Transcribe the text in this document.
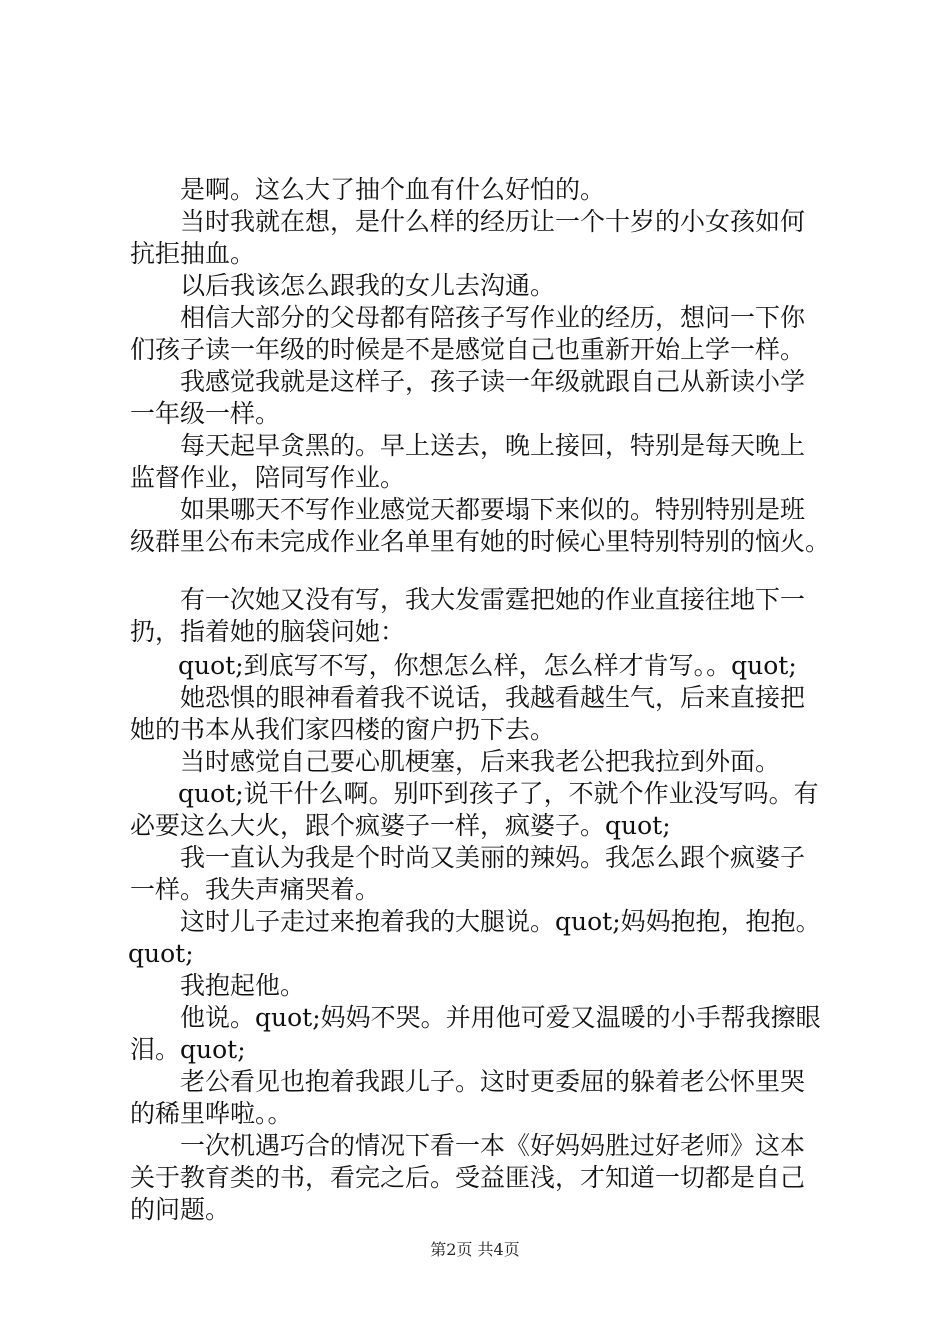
是啊。这么大了抽个血有什么好怕的。

当时我就在想，是什么样的经历让一个十岁的小女孩如何

抗拒抽血。

以后我该怎么跟我的女儿去沟通。

相信大部分的父母都有陪孩子写作业的经历，想问一下你

们孩子读一年级的时候是不是感觉自己也重新开始上学一样。

我感觉我就是这样子，孩子读一年级就跟自己从新读小学

一年级一样。

每天起早贪黑的。早上送去，晚上接回，特别是每天晚上

监督作业，陪同写作业。

如果哪天不写作业感觉天都要塌下来似的。特别特别是班

级群里公布未完成作业名单里有她的时候心里特别特别的恼火。

有一次她又没有写，我大发雷霆把她的作业直接往地下一

扔，指着她的脑袋问她：

quot;到底写不写，你想怎么样，怎么样才肯写。。quot;

她恐惧的眼神看着我不说话，我越看越生气，后来直接把

她的书本从我们家四楼的窗户扔下去。

当时感觉自己要心肌梗塞，后来我老公把我拉到外面。

quot;说干什么啊。别吓到孩子了，不就个作业没写吗。有

必要这么大火，跟个疯婆子一样，疯婆子。quot;

我一直认为我是个时尚又美丽的辣妈。我怎么跟个疯婆子

一样。我失声痛哭着。

这时儿子走过来抱着我的大腿说。quot;妈妈抱抱，抱抱。

quot;

我抱起他。

他说。quot;妈妈不哭。并用他可爱又温暖的小手帮我擦眼

泪。quot;

老公看见也抱着我跟儿子。这时更委屈的躲着老公怀里哭

的稀里哗啦。。

一次机遇巧合的情况下看一本《好妈妈胜过好老师》这本

关于教育类的书，看完之后。受益匪浅，才知道一切都是自己

的问题。

第2页 共4页
